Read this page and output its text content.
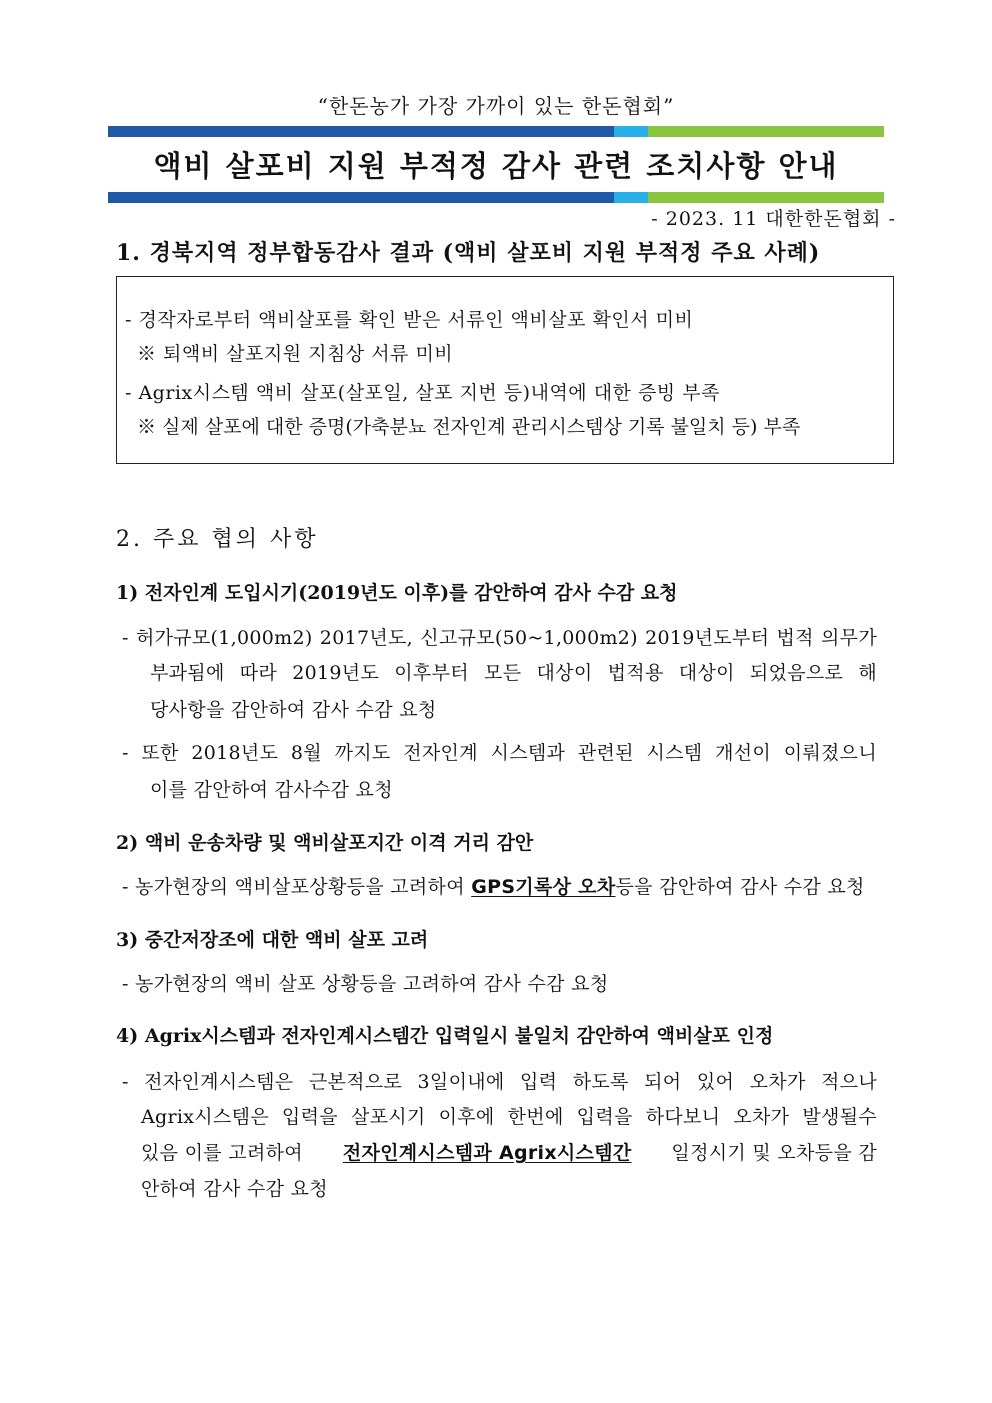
“한돈농가 가장 가까이 있는 한돈협회”
액비 살포비 지원 부적정 감사 관련 조치사항 안내
- 2023. 11 대한한돈협회 -
1. 경북지역 정부합동감사 결과 (액비 살포비 지원 부적정 주요 사례)
- 경작자로부터 액비살포를 확인 받은 서류인 액비살포 확인서 미비
※ 퇴액비 살포지원 지침상 서류 미비
- Agrix시스템 액비 살포(살포일, 살포 지번 등)내역에 대한 증빙 부족
※ 실제 살포에 대한 증명(가축분뇨 전자인계 관리시스템상 기록 불일치 등) 부족
2. 주요 협의 사항
1) 전자인계 도입시기(2019년도 이후)를 감안하여 감사 수감 요청
- 허가규모(1,000m2) 2017년도, 신고규모(50~1,000m2) 2019년도부터 법적 의무가
부과됨에 따라 2019년도 이후부터 모든 대상이 법적용 대상이 되었음으로 해
당사항을 감안하여 감사 수감 요청
- 또한 2018년도 8월 까지도 전자인계 시스템과 관련된 시스템 개선이 이뤄졌으니
이를 감안하여 감사수감 요청
2) 액비 운송차량 및 액비살포지간 이격 거리 감안
- 농가현장의 액비살포상황등을 고려하여 GPS기록상 오차등을 감안하여 감사 수감 요청
3) 중간저장조에 대한 액비 살포 고려
- 농가현장의 액비 살포 상황등을 고려하여 감사 수감 요청
4) Agrix시스템과 전자인계시스템간 입력일시 불일치 감안하여 액비살포 인정
- 전자인계시스템은 근본적으로 3일이내에 입력 하도록 되어 있어 오차가 적으나
Agrix시스템은 입력을 살포시기 이후에 한번에 입력을 하다보니 오차가 발생될수
있음 이를 고려하여 전자인계시스템과 Agrix시스템간 일정시기 및 오차등을 감
안하여 감사 수감 요청
